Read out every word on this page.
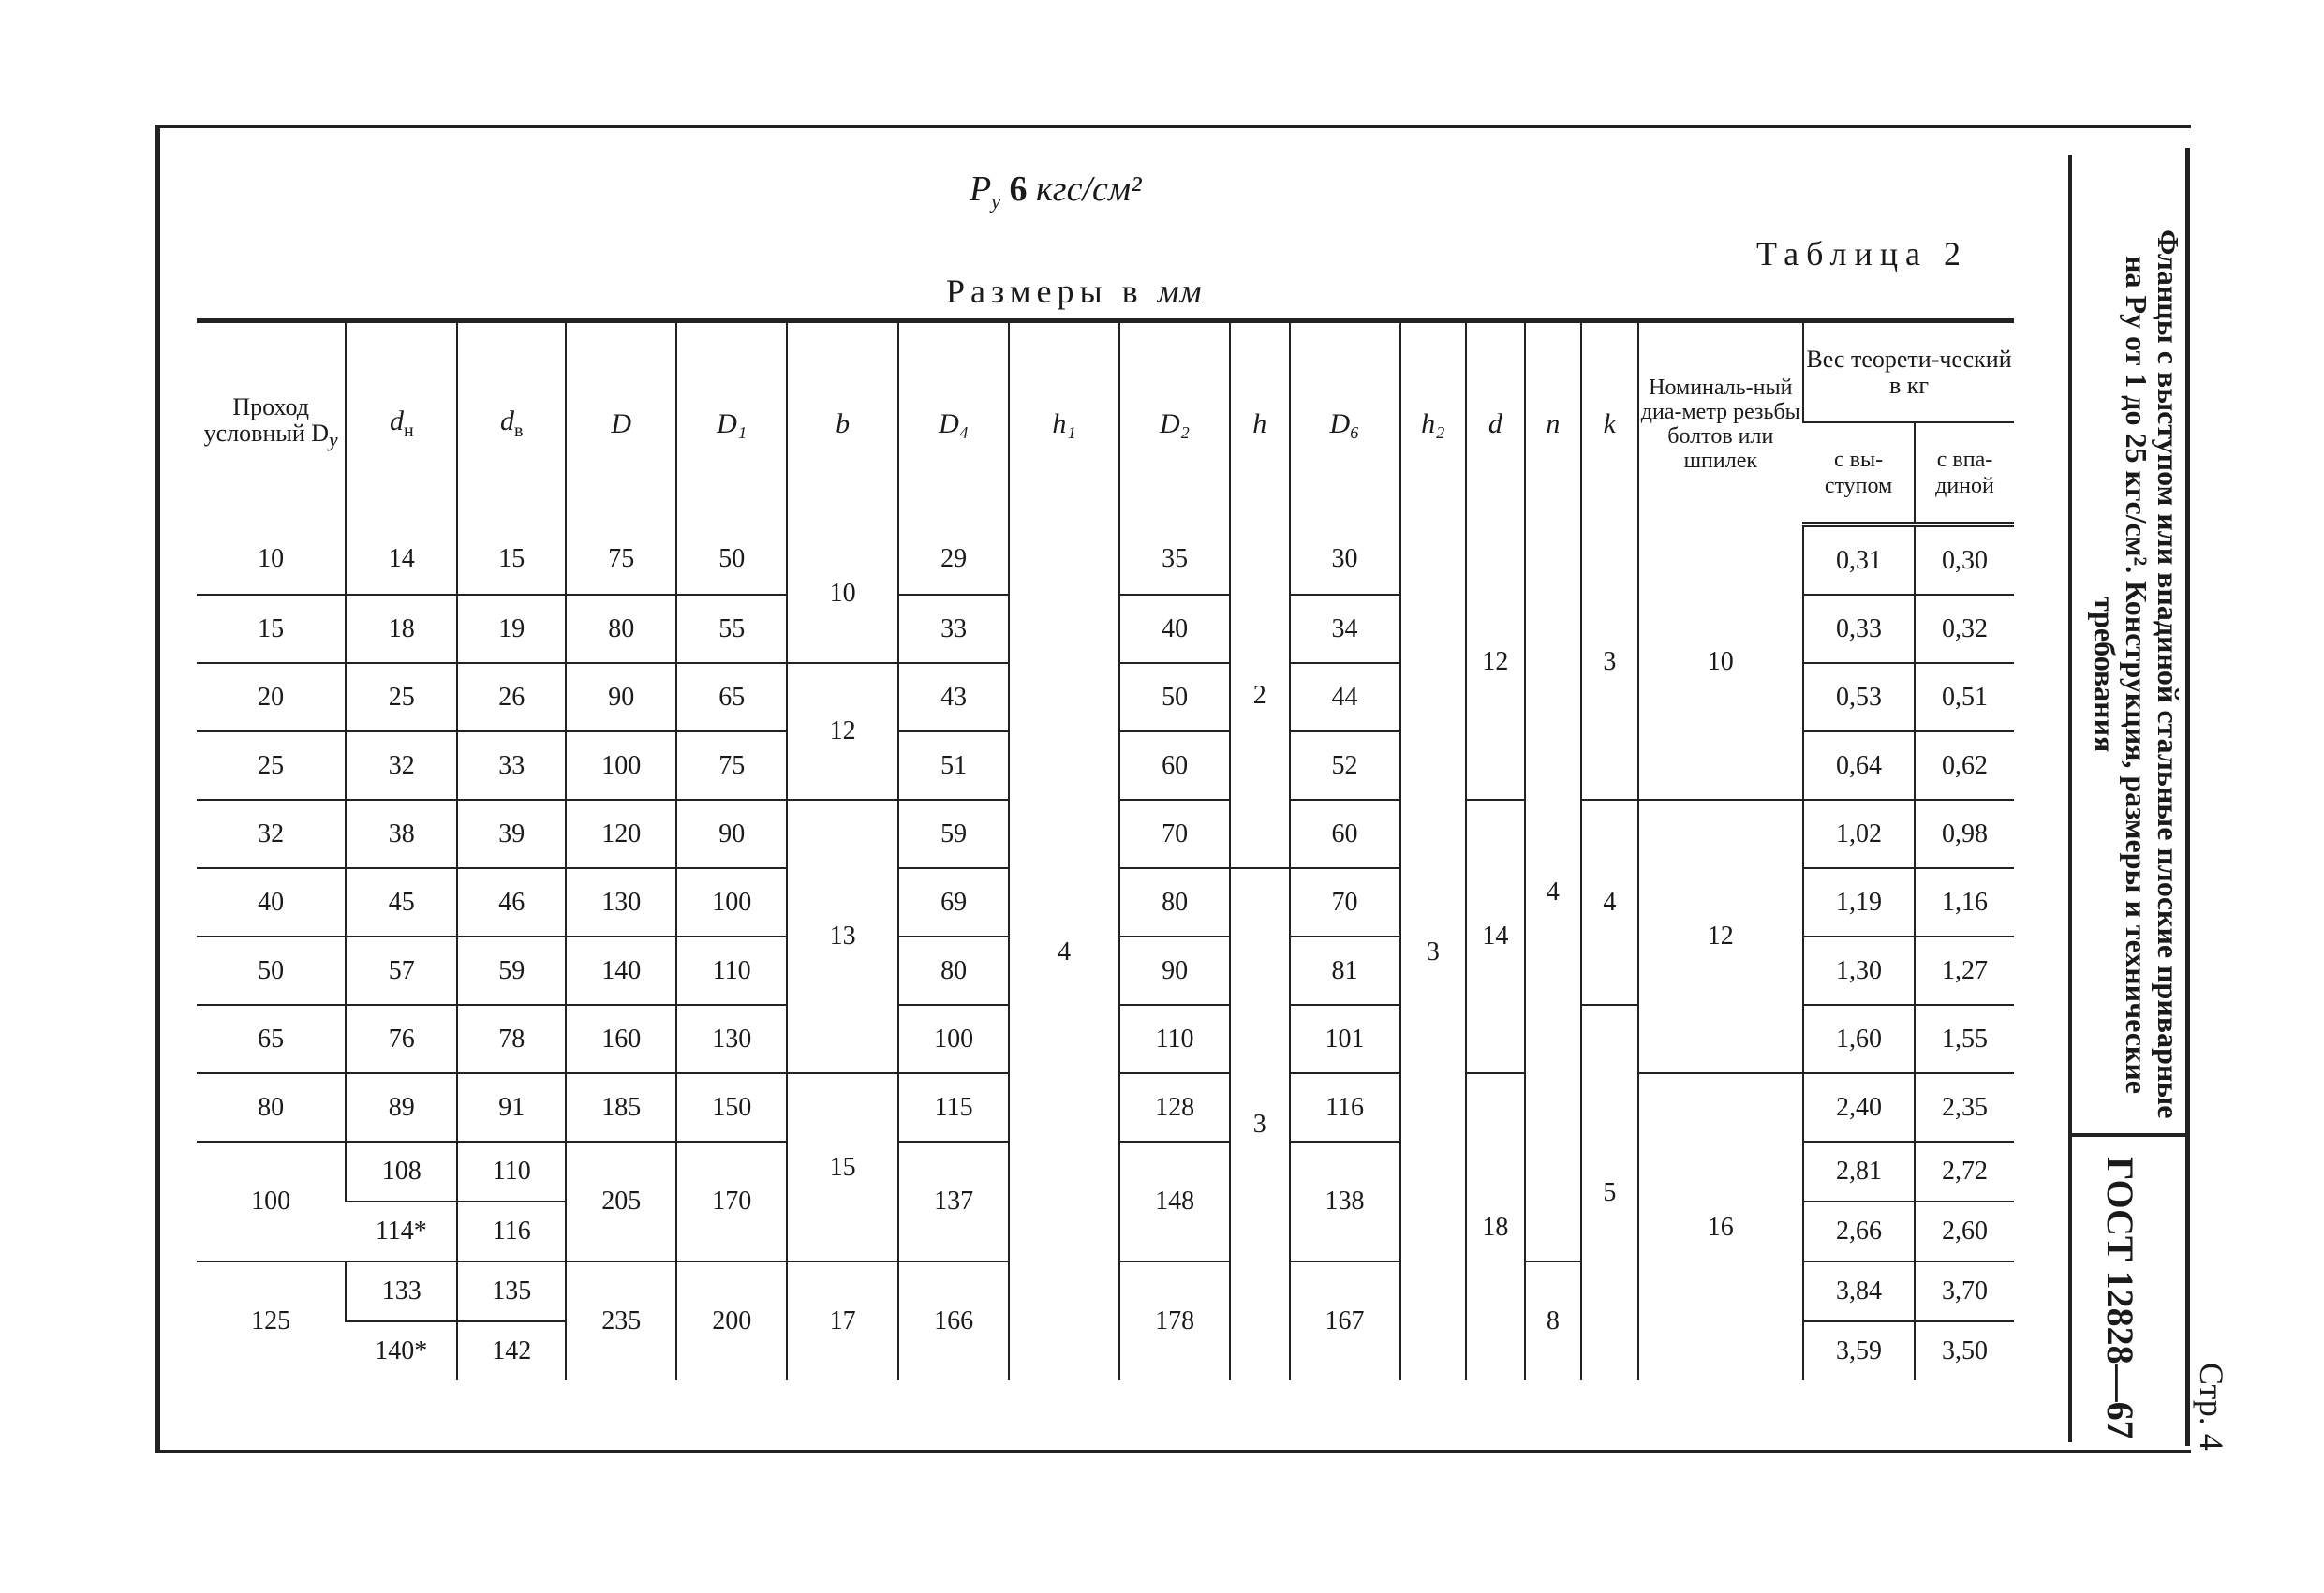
$P_у$ 6 кгс/см²
Таблица 2
Размеры в мм
Проход условный $D_у$	$d_н$	$d_в$	D	D₁	b	D₄	h₁	D₂	h	D₆	h₂	d	n	k	Номиналь-ный диа-метр резьбы болтов или шпилек	Вес теорети-ческий в кг	
																с вы-ступом	с впа-диной
10	14	15	75	50	10	29	4	35	2	30	3	12	4	3	10	0,31	0,30
15	18	19	80	55		33		40		34						0,33	0,32
20	25	26	90	65	12	43		50		44						0,53	0,51
25	32	33	100	75		51		60		52						0,64	0,62
32	38	39	120	90	13	59		70		60		14		4	12	1,02	0,98
40	45	46	130	100		69		80	3	70						1,19	1,16
50	57	59	140	110		80		90		81						1,30	1,27
65	76	78	160	130		100		110		101				5		1,60	1,55
80	89	91	185	150	15	115		128		116		18			16	2,40	2,35
100	108	110	205	170		137		148		138						2,81	2,72
	114*	116														2,66	2,60
125	133	135	235	200	17	166		178		167			8			3,84	3,70
	140*	142														3,59	3,50
Фланцы с выступом или впадиной стальные плоские приварные на Pу от 1 до 25 кгс/см². Конструкция, размеры и технические требования
ГОСТ 12828—67 Стр. 4
